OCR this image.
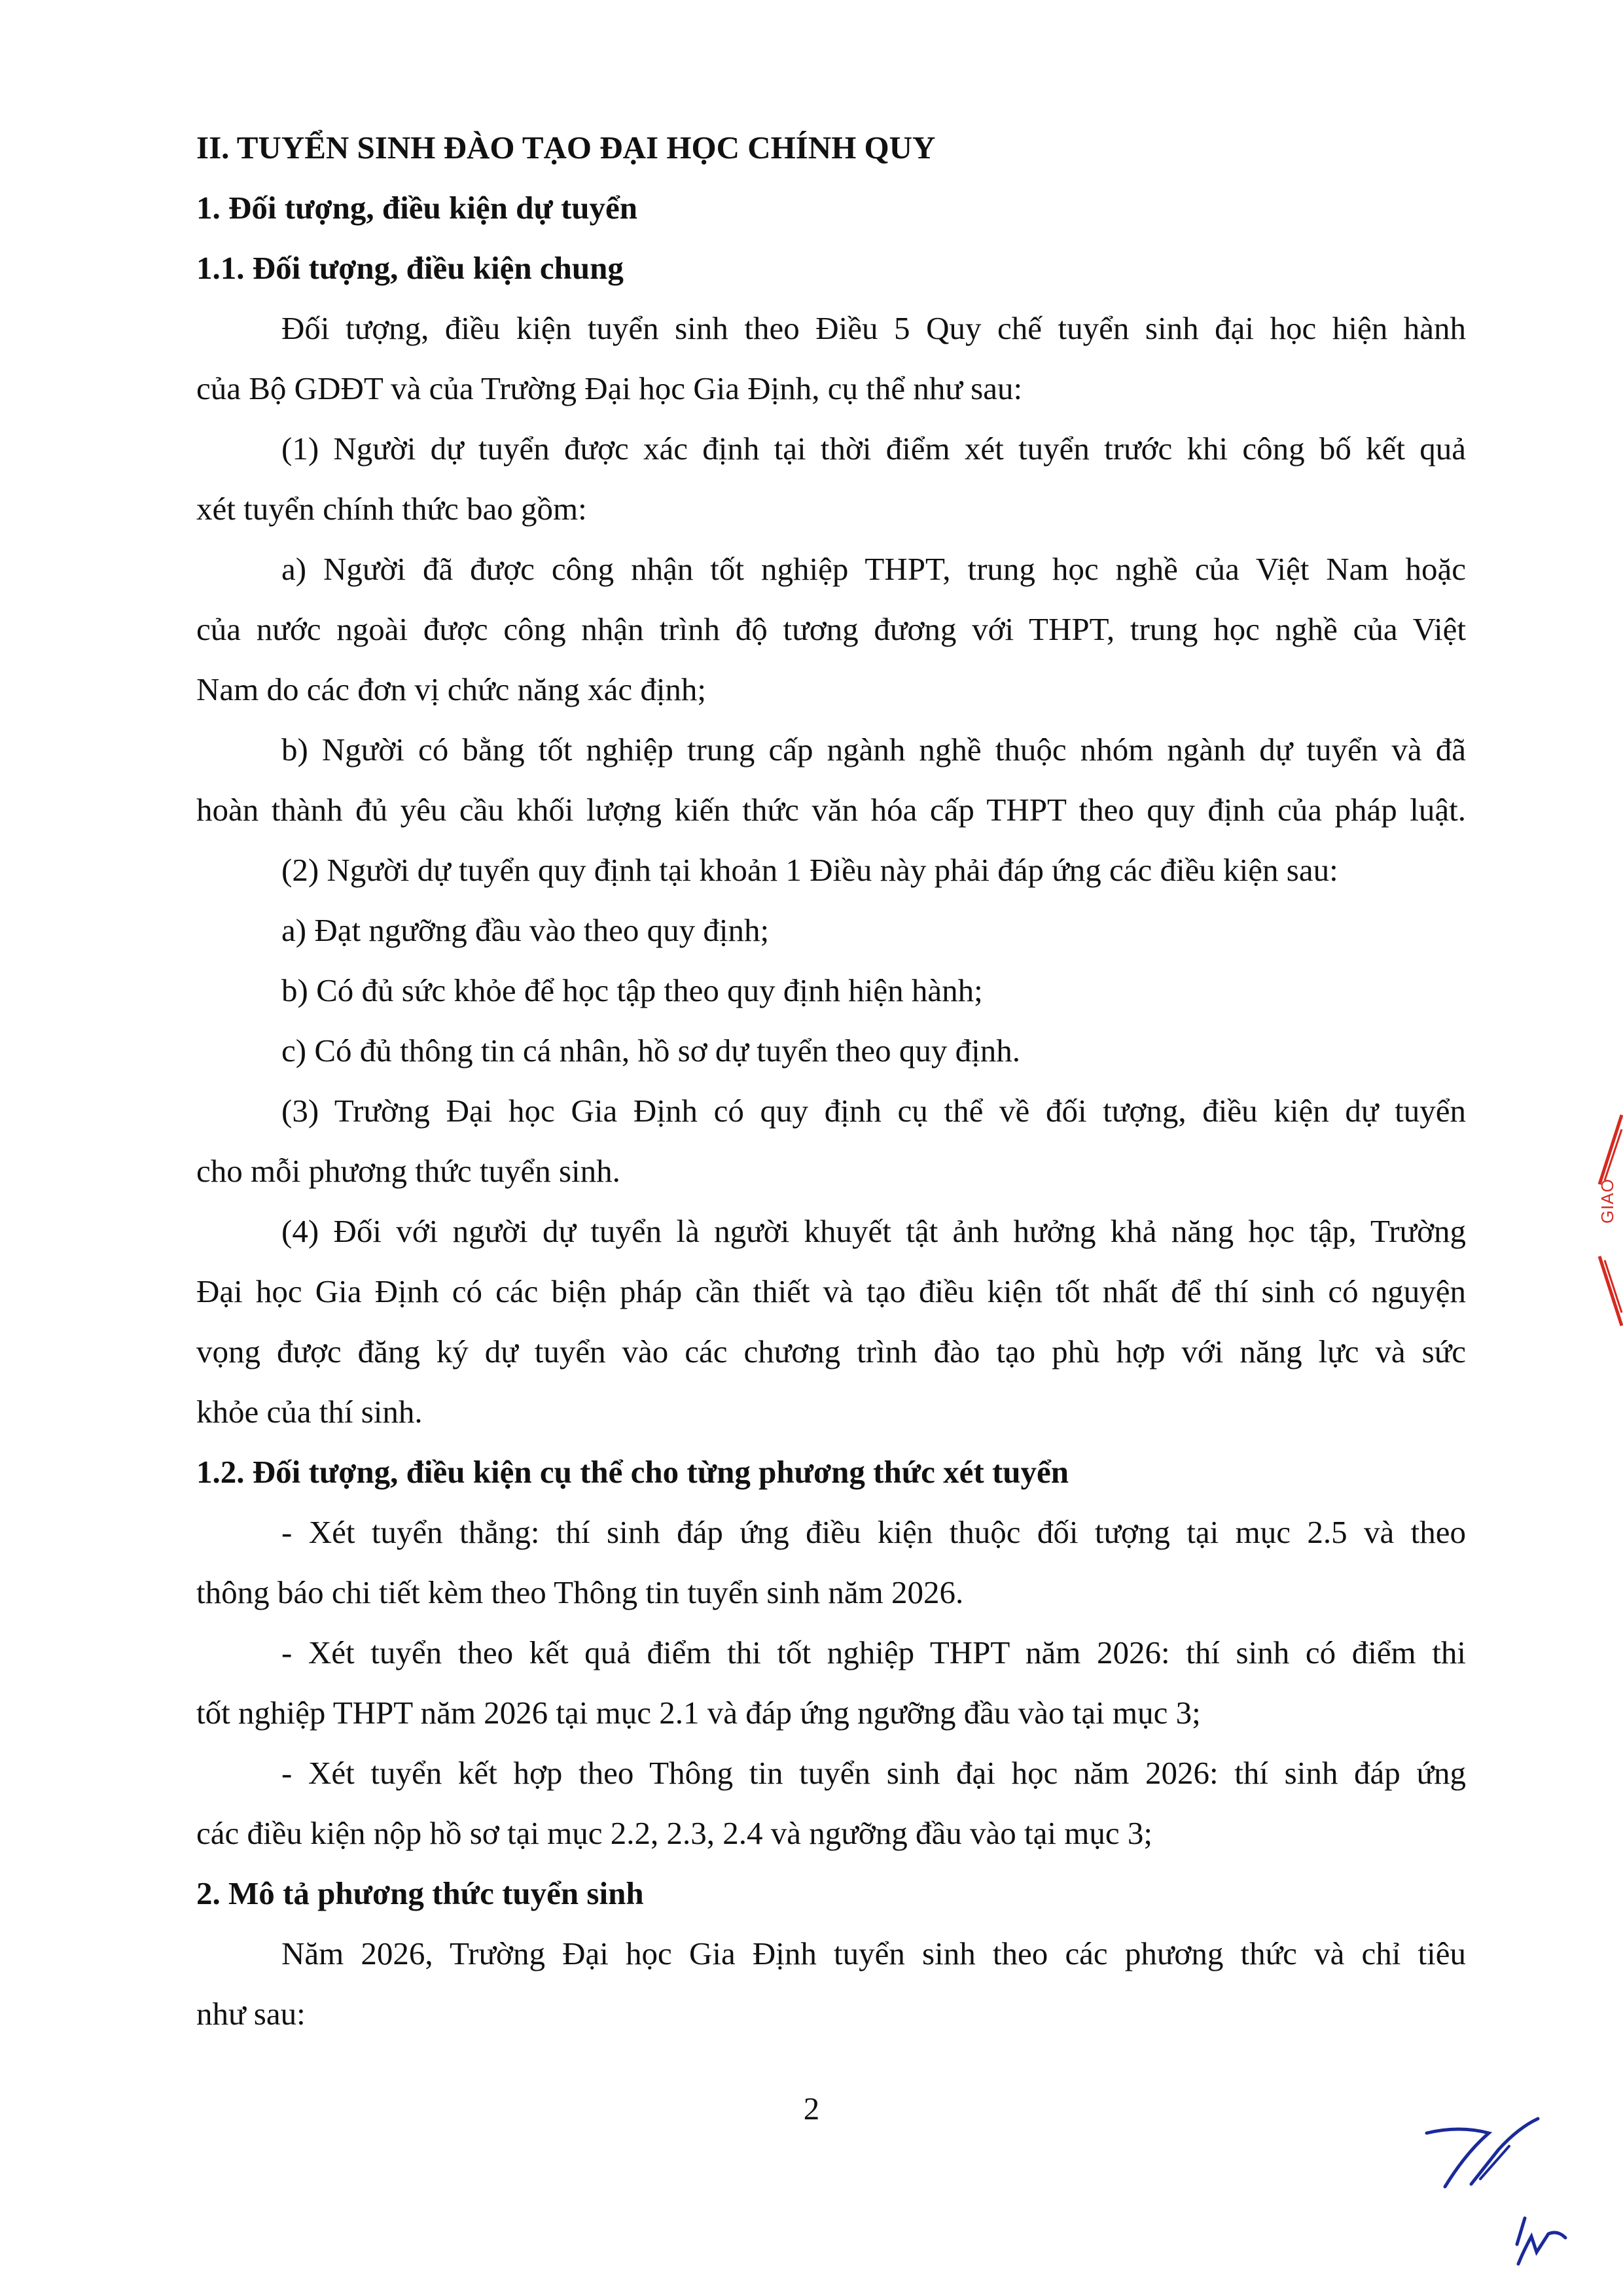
II. TUYỂN SINH ĐÀO TẠO ĐẠI HỌC CHÍNH QUY
1. Đối tượng, điều kiện dự tuyển
1.1. Đối tượng, điều kiện chung
Đối tượng, điều kiện tuyển sinh theo Điều 5 Quy chế tuyển sinh đại học hiện hành
của Bộ GDĐT và của Trường Đại học Gia Định, cụ thể như sau:
(1) Người dự tuyển được xác định tại thời điểm xét tuyển trước khi công bố kết quả
xét tuyển chính thức bao gồm:
a) Người đã được công nhận tốt nghiệp THPT, trung học nghề của Việt Nam hoặc
của nước ngoài được công nhận trình độ tương đương với THPT, trung học nghề của Việt
Nam do các đơn vị chức năng xác định;
b) Người có bằng tốt nghiệp trung cấp ngành nghề thuộc nhóm ngành dự tuyển và đã
hoàn thành đủ yêu cầu khối lượng kiến thức văn hóa cấp THPT theo quy định của pháp luật.
(2) Người dự tuyển quy định tại khoản 1 Điều này phải đáp ứng các điều kiện sau:
a) Đạt ngưỡng đầu vào theo quy định;
b) Có đủ sức khỏe để học tập theo quy định hiện hành;
c) Có đủ thông tin cá nhân, hồ sơ dự tuyển theo quy định.
(3) Trường Đại học Gia Định có quy định cụ thể về đối tượng, điều kiện dự tuyển
cho mỗi phương thức tuyển sinh.
(4) Đối với người dự tuyển là người khuyết tật ảnh hưởng khả năng học tập, Trường
Đại học Gia Định có các biện pháp cần thiết và tạo điều kiện tốt nhất để thí sinh có nguyện
vọng được đăng ký dự tuyển vào các chương trình đào tạo phù hợp với năng lực và sức
khỏe của thí sinh.
1.2. Đối tượng, điều kiện cụ thể cho từng phương thức xét tuyển
- Xét tuyển thẳng: thí sinh đáp ứng điều kiện thuộc đối tượng tại mục 2.5 và theo
thông báo chi tiết kèm theo Thông tin tuyển sinh năm 2026.
- Xét tuyển theo kết quả điểm thi tốt nghiệp THPT năm 2026: thí sinh có điểm thi
tốt nghiệp THPT năm 2026 tại mục 2.1 và đáp ứng ngưỡng đầu vào tại mục 3;
- Xét tuyển kết hợp theo Thông tin tuyển sinh đại học năm 2026: thí sinh đáp ứng
các điều kiện nộp hồ sơ tại mục 2.2, 2.3, 2.4 và ngưỡng đầu vào tại mục 3;
2. Mô tả phương thức tuyển sinh
Năm 2026, Trường Đại học Gia Định tuyển sinh theo các phương thức và chỉ tiêu
như sau:
2
GIAO
